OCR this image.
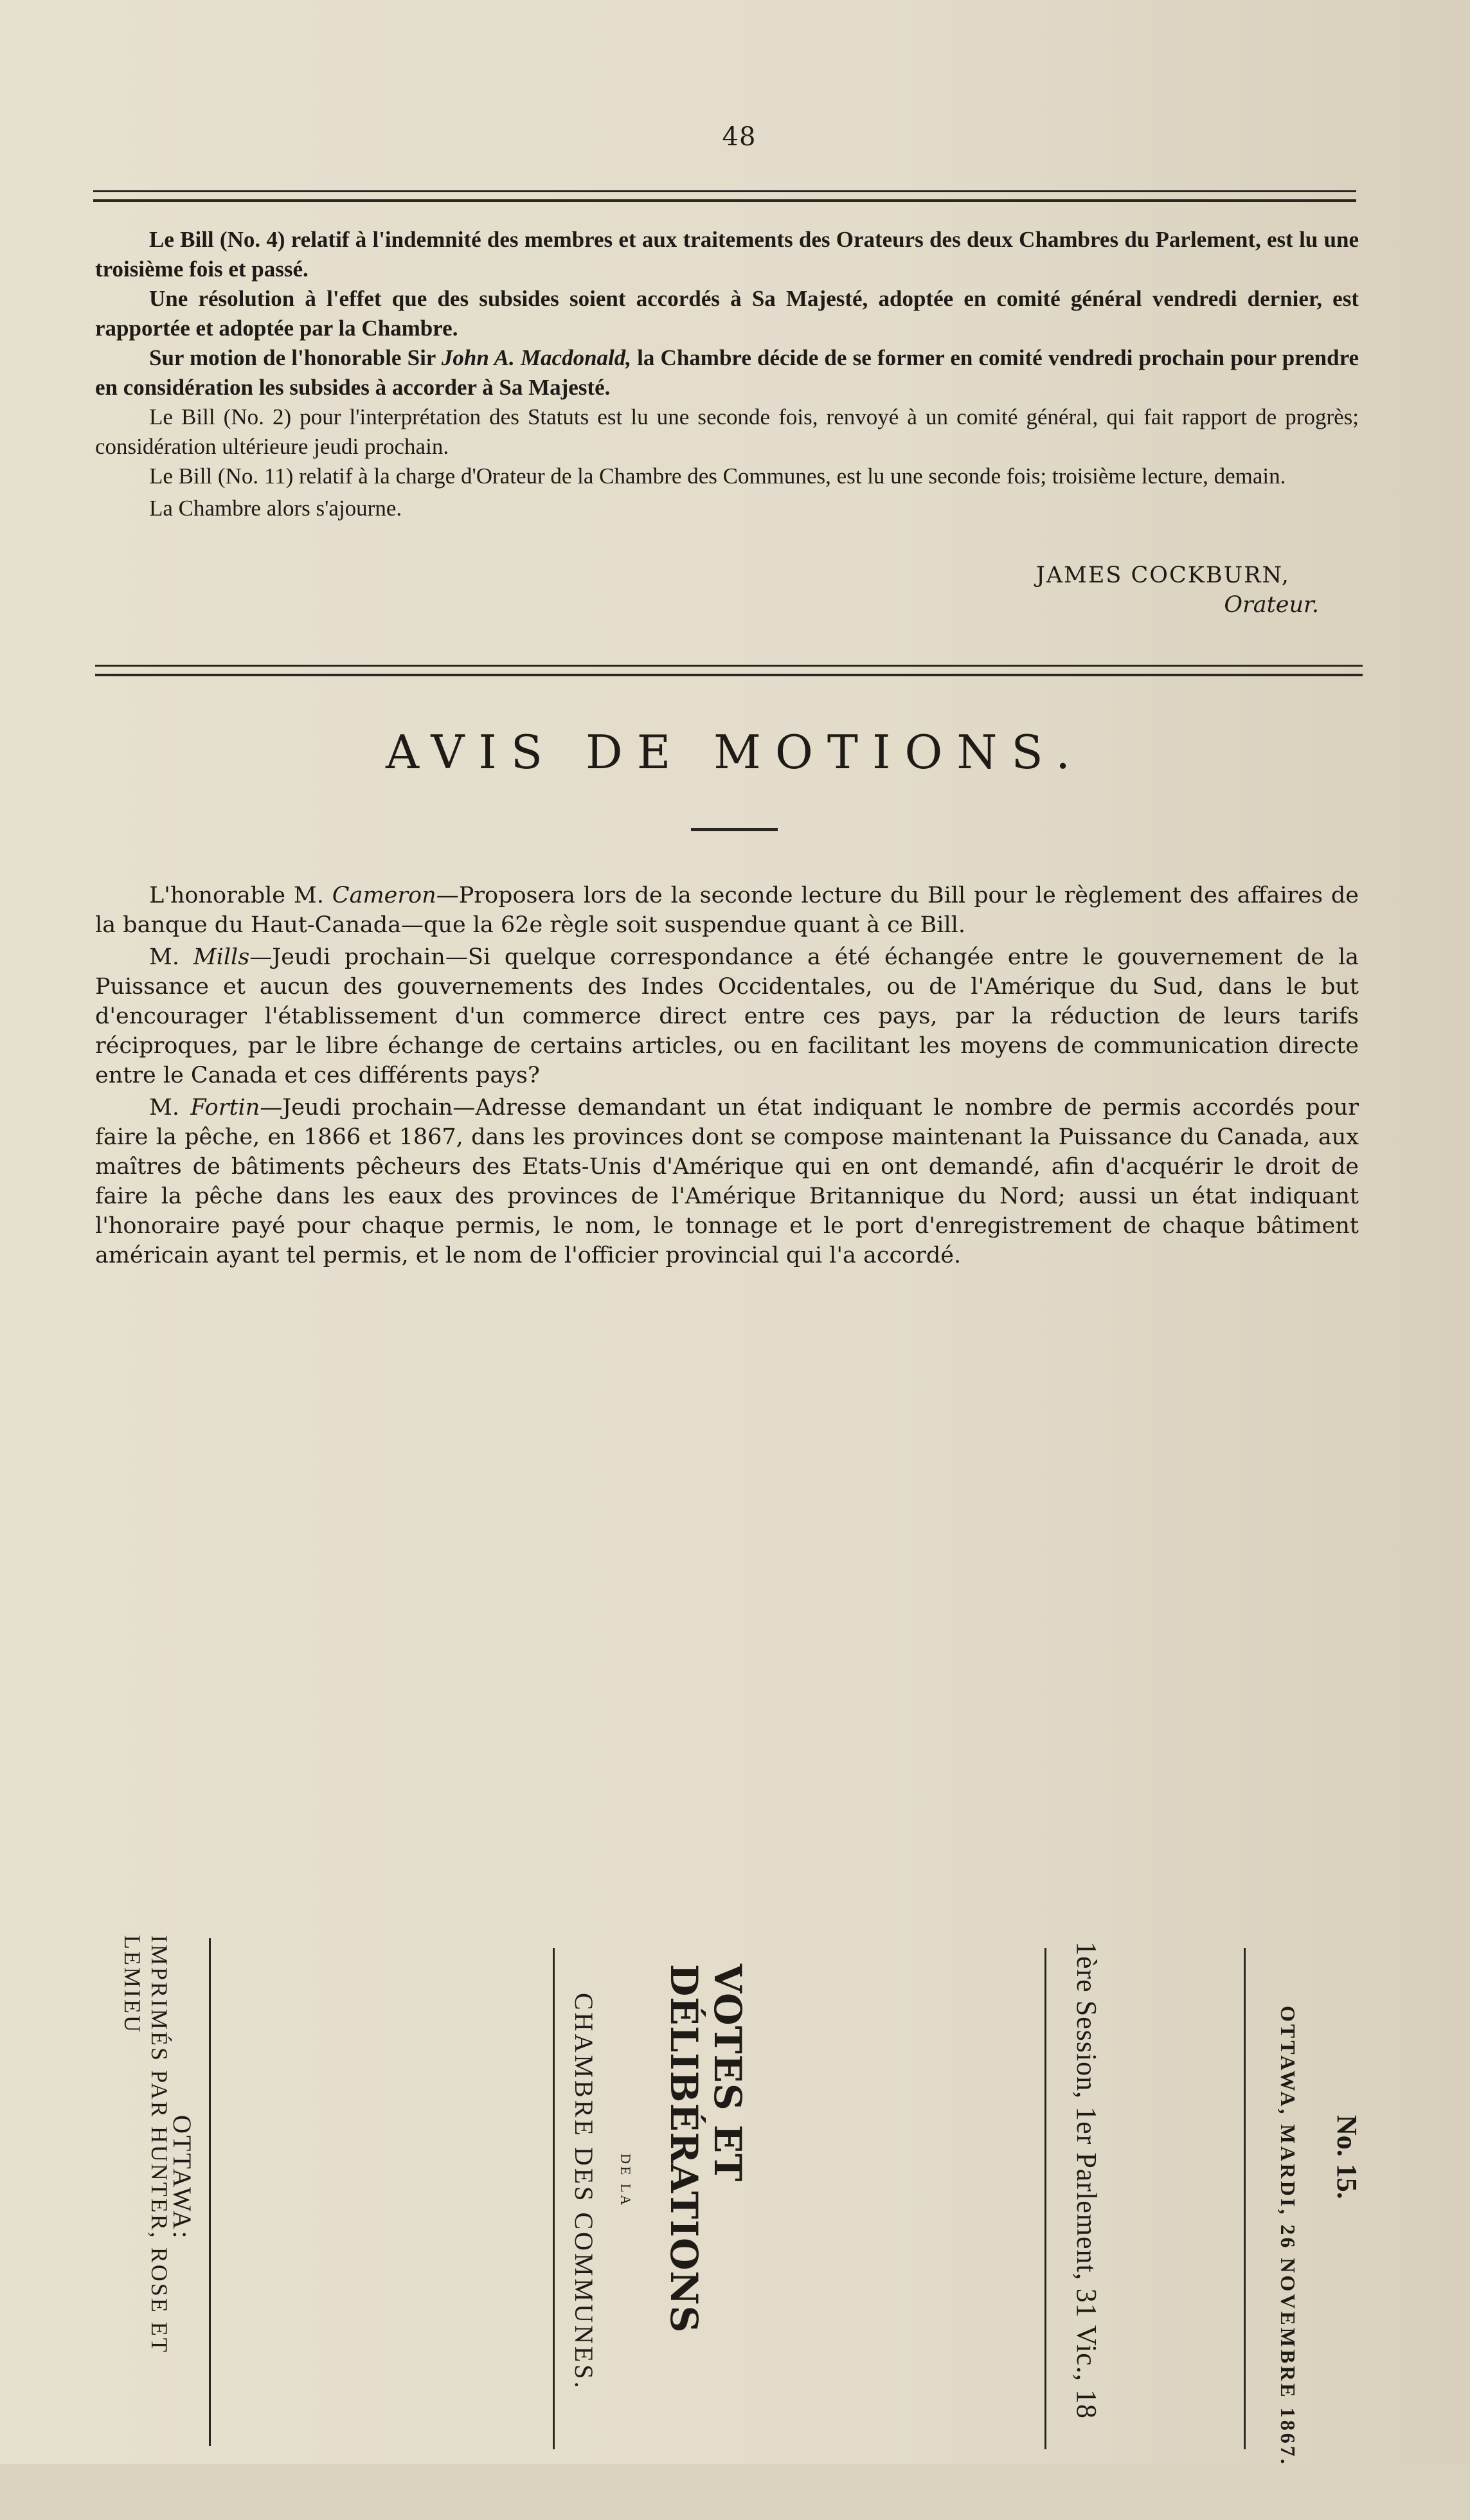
48

Le Bill (No. 4) relatif à l'indemnité des membres et aux traitements des Orateurs des deux Chambres du Parlement, est lu une troisième fois et passé.

Une résolution à l'effet que des subsides soient accordés à Sa Majesté, adoptée en comité général vendredi dernier, est rapportée et adoptée par la Chambre.

Sur motion de l'honorable Sir John A. Macdonald, la Chambre décide de se former en comité vendredi prochain pour prendre en considération les subsides à accorder à Sa Majesté.

Le Bill (No. 2) pour l'interprétation des Statuts est lu une seconde fois, renvoyé à un comité général, qui fait rapport de progrès; considération ultérieure jeudi prochain.

Le Bill (No. 11) relatif à la charge d'Orateur de la Chambre des Communes, est lu une seconde fois; troisième lecture, demain.

La Chambre alors s'ajourne.

JAMES COCKBURN,
Orateur.
AVIS DE MOTIONS.

L'honorable M. Cameron—Proposera lors de la seconde lecture du Bill pour le règlement des affaires de la banque du Haut-Canada—que la 62e règle soit suspendue quant à ce Bill.

M. Mills—Jeudi prochain—Si quelque correspondance a été échangée entre le gouvernement de la Puissance et aucun des gouvernements des Indes Occidentales, ou de l'Amérique du Sud, dans le but d'encourager l'établissement d'un commerce direct entre ces pays, par la réduction de leurs tarifs réciproques, par le libre échange de certains articles, ou en facilitant les moyens de communication directe entre le Canada et ces différents pays?

M. Fortin—Jeudi prochain—Adresse demandant un état indiquant le nombre de permis accordés pour faire la pêche, en 1866 et 1867, dans les provinces dont se compose maintenant la Puissance du Canada, aux maîtres de bâtiments pêcheurs des Etats-Unis d'Amérique qui en ont demandé, afin d'acquérir le droit de faire la pêche dans les eaux des provinces de l'Amérique Britannique du Nord; aussi un état indiquant l'honoraire payé pour chaque permis, le nom, le tonnage et le port d'enregistrement de chaque bâtiment américain ayant tel permis, et le nom de l'officier provincial qui l'a accordé.

IMPRIMÉS PAR HUNTER, ROSE ET LEMIEU
OTTAWA:	CHAMBRE DES COMMUNES. DE LA	VOTES ET DÉLIBÉRATIONS	1ère Session, 1er Parlement, 31 Vic., 18	OTTAWA, MARDI, 26 NOVEMBRE 1867. No. 15.
